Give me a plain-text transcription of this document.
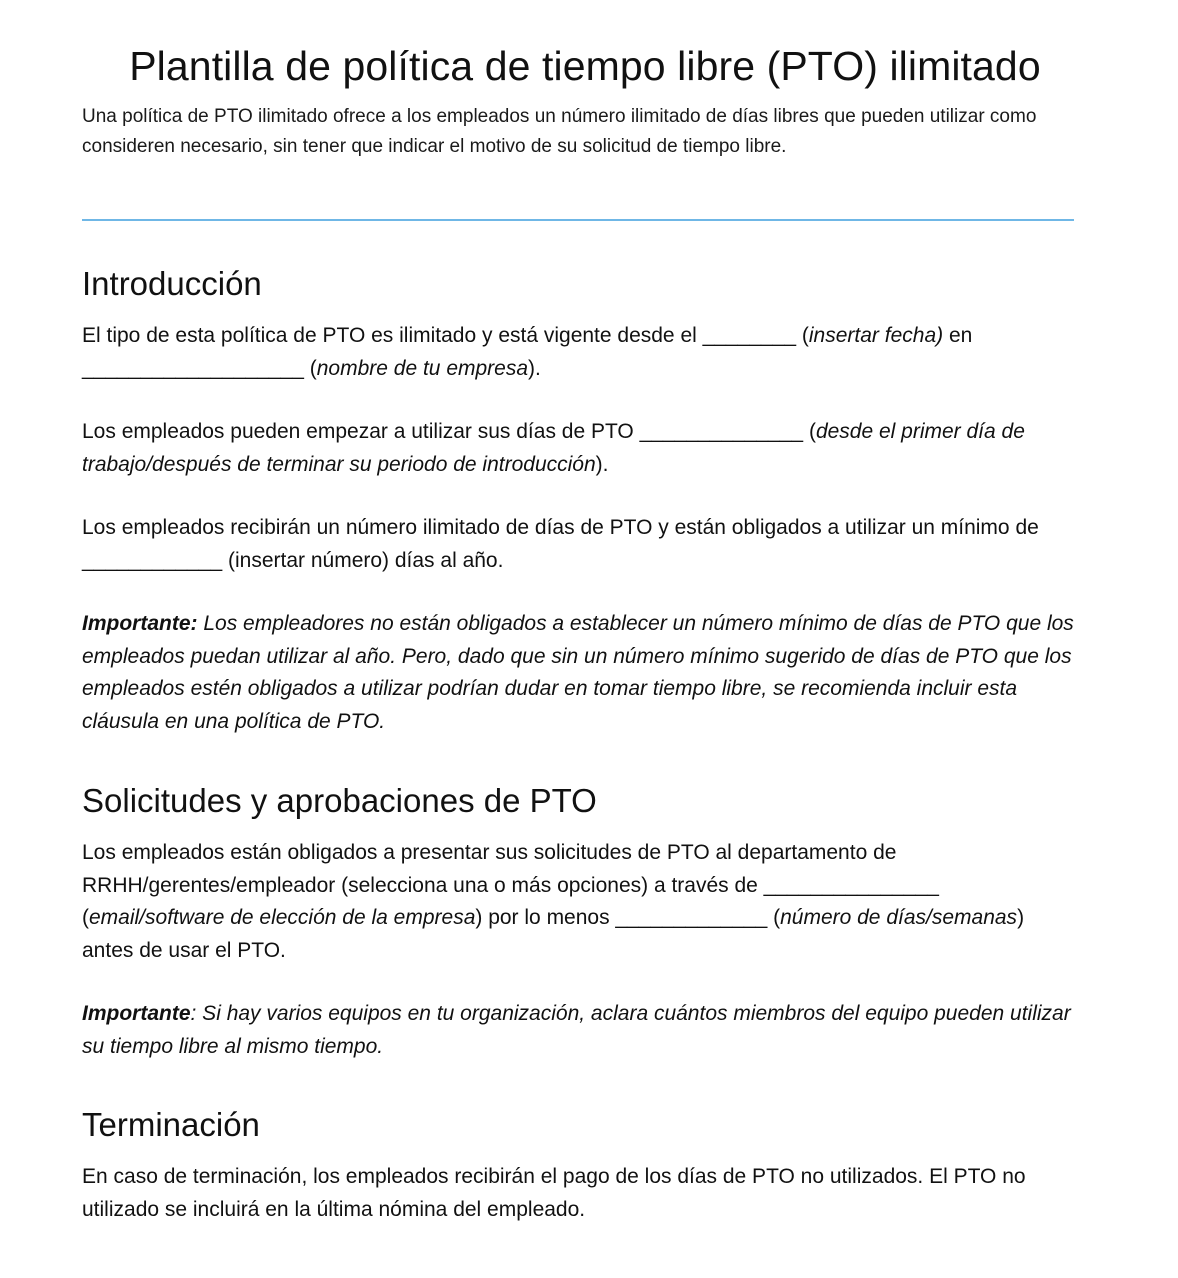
Plantilla de política de tiempo libre (PTO) ilimitado

Una política de PTO ilimitado ofrece a los empleados un número ilimitado de días libres que pueden utilizar como consideren necesario, sin tener que indicar el motivo de su solicitud de tiempo libre.

Introducción

El tipo de esta política de PTO es ilimitado y está vigente desde el ________ (insertar fecha) en ___________________ (nombre de tu empresa).

Los empleados pueden empezar a utilizar sus días de PTO ______________ (desde el primer día de trabajo/después de terminar su periodo de introducción).

Los empleados recibirán un número ilimitado de días de PTO y están obligados a utilizar un mínimo de ____________ (insertar número) días al año.

Importante: Los empleadores no están obligados a establecer un número mínimo de días de PTO que los empleados puedan utilizar al año. Pero, dado que sin un número mínimo sugerido de días de PTO que los empleados estén obligados a utilizar podrían dudar en tomar tiempo libre, se recomienda incluir esta cláusula en una política de PTO.

Solicitudes y aprobaciones de PTO

Los empleados están obligados a presentar sus solicitudes de PTO al departamento de RRHH/gerentes/empleador (selecciona una o más opciones) a través de _______________ (email/software de elección de la empresa) por lo menos _____________ (número de días/semanas) antes de usar el PTO.

Importante: Si hay varios equipos en tu organización, aclara cuántos miembros del equipo pueden utilizar su tiempo libre al mismo tiempo.

Terminación

En caso de terminación, los empleados recibirán el pago de los días de PTO no utilizados. El PTO no utilizado se incluirá en la última nómina del empleado.
